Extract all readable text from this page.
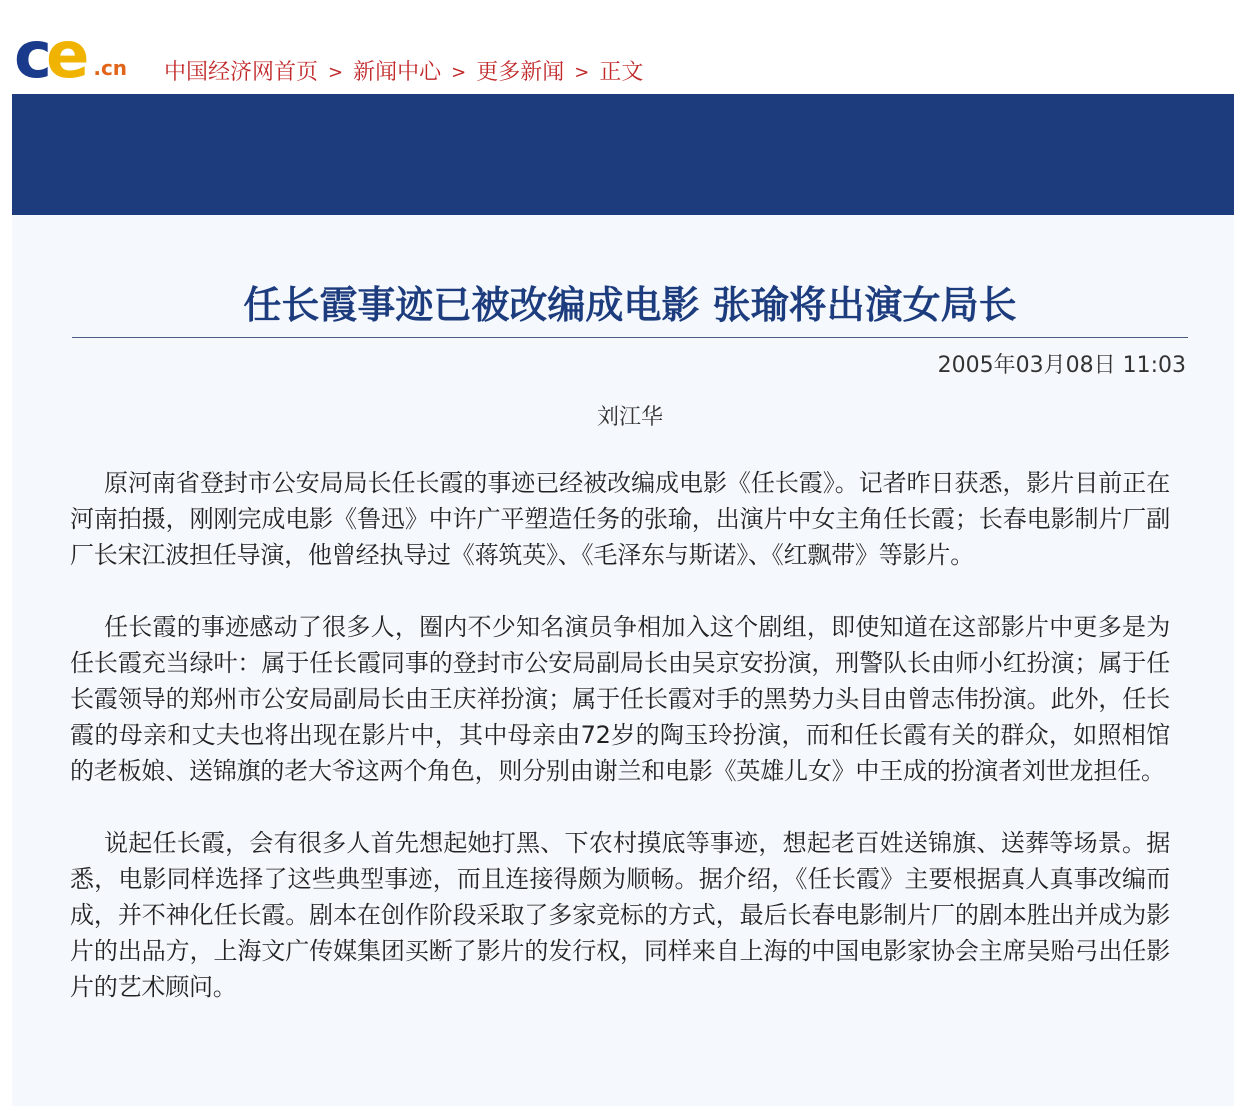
ce .cn 中国经济网首页 > 新闻中心 > 更多新闻 > 正文
任长霞事迹已被改编成电影 张瑜将出演女局长
2005年03月08日 11:03
刘江华

原河南省登封市公安局局长任长霞的事迹已经被改编成电影《任长霞》。记者昨日获悉，影片目前正在河南拍摄，刚刚完成电影《鲁迅》中许广平塑造任务的张瑜，出演片中女主角任长霞；长春电影制片厂副厂长宋江波担任导演，他曾经执导过《蒋筑英》、《毛泽东与斯诺》、《红飘带》等影片。

任长霞的事迹感动了很多人，圈内不少知名演员争相加入这个剧组，即使知道在这部影片中更多是为任长霞充当绿叶：属于任长霞同事的登封市公安局副局长由吴京安扮演，刑警队长由师小红扮演；属于任长霞领导的郑州市公安局副局长由王庆祥扮演；属于任长霞对手的黑势力头目由曾志伟扮演。此外，任长霞的母亲和丈夫也将出现在影片中，其中母亲由72岁的陶玉玲扮演，而和任长霞有关的群众，如照相馆的老板娘、送锦旗的老大爷这两个角色，则分别由谢兰和电影《英雄儿女》中王成的扮演者刘世龙担任。

说起任长霞，会有很多人首先想起她打黑、下农村摸底等事迹，想起老百姓送锦旗、送葬等场景。据悉，电影同样选择了这些典型事迹，而且连接得颇为顺畅。据介绍，《任长霞》主要根据真人真事改编而成，并不神化任长霞。剧本在创作阶段采取了多家竞标的方式，最后长春电影制片厂的剧本胜出并成为影片的出品方，上海文广传媒集团买断了影片的发行权，同样来自上海的中国电影家协会主席吴贻弓出任影片的艺术顾问。
